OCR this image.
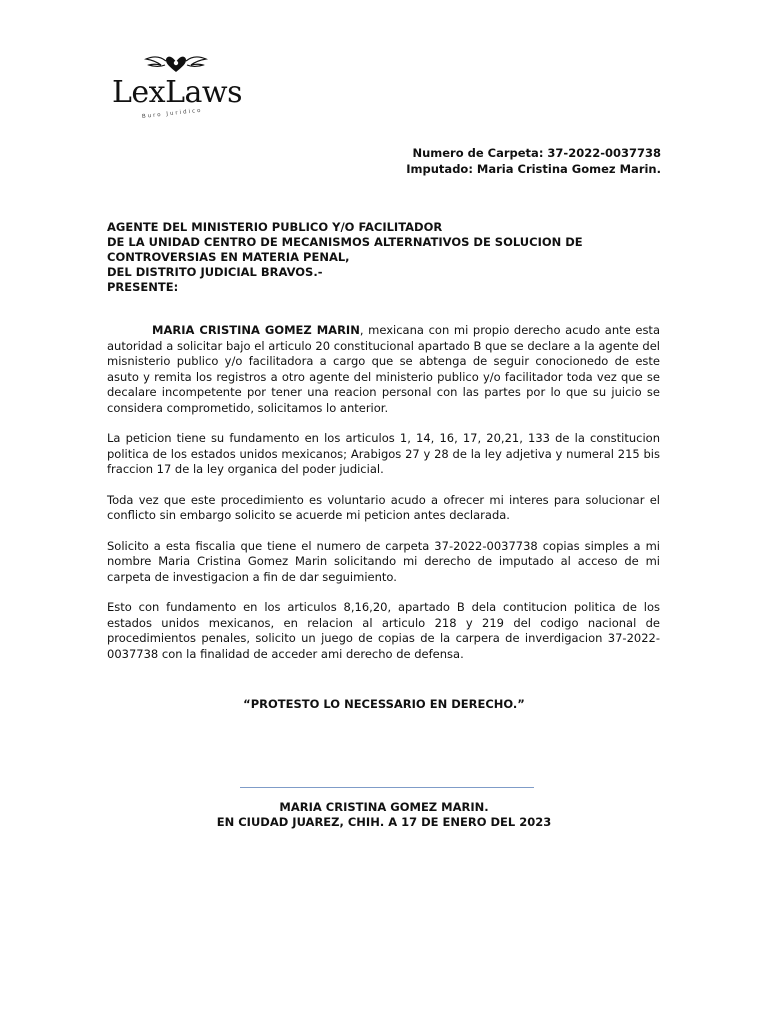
LexLaws
Buro Juridico
Numero de Carpeta: 37-2022-0037738
Imputado: Maria Cristina Gomez Marin.
AGENTE DEL MINISTERIO PUBLICO Y/O FACILITADOR
DE LA UNIDAD CENTRO DE MECANISMOS ALTERNATIVOS DE SOLUCION DE
CONTROVERSIAS EN MATERIA PENAL,
DEL DISTRITO JUDICIAL BRAVOS.-
PRESENTE:

MARIA CRISTINA GOMEZ MARIN, mexicana con mi propio derecho acudo ante esta autoridad a solicitar bajo el articulo 20 constitucional apartado B que se declare a la agente del misnisterio publico y/o facilitadora a cargo que se abtenga de seguir conocionedo de este asuto y remita los registros a otro agente del ministerio publico y/o facilitador toda vez que se decalare incompetente por tener una reacion personal con las partes por lo que su juicio se considera comprometido, solicitamos lo anterior.

La peticion tiene su fundamento en los articulos 1, 14, 16, 17, 20,21, 133 de la constitucion politica de los estados unidos mexicanos; Arabigos 27 y 28 de la ley adjetiva y numeral 215 bis fraccion 17 de la ley organica del poder judicial.

Toda vez que este procedimiento es voluntario acudo a ofrecer mi interes para solucionar el conflicto sin embargo solicito se acuerde mi peticion antes declarada.

Solicito a esta fiscalia que tiene el numero de carpeta 37-2022-0037738 copias simples a mi nombre Maria Cristina Gomez Marin solicitando mi derecho de imputado al acceso de mi carpeta de investigacion a fin de dar seguimiento.

Esto con fundamento en los articulos 8,16,20, apartado B dela contitucion politica de los estados unidos mexicanos, en relacion al articulo 218 y 219 del codigo nacional de procedimientos penales, solicito un juego de copias de la carpera de inverdigacion 37-2022-0037738 con la finalidad de acceder ami derecho de defensa.

“PROTESTO LO NECESSARIO EN DERECHO.”
MARIA CRISTINA GOMEZ MARIN.
EN CIUDAD JUAREZ, CHIH. A 17 DE ENERO DEL 2023
